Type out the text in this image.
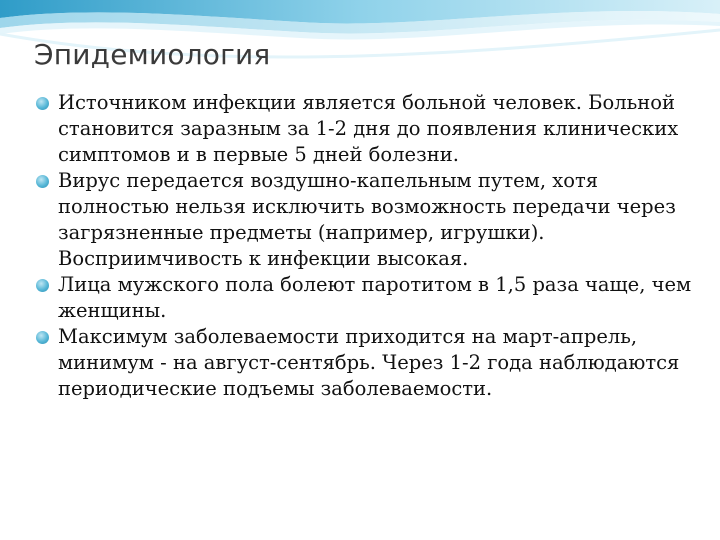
Эпидемиология
Источником инфекции является больной человек. Больной становится заразным за 1-2 дня до появления клинических симптомов и в первые 5 дней болезни.
Вирус передается воздушно-капельным путем, хотя полностью нельзя исключить возможность передачи через загрязненные предметы (например, игрушки). Восприимчивость к инфекции высокая.
Лица мужского пола болеют паротитом в 1,5 раза чаще, чем женщины.
Максимум заболеваемости приходится на март-апрель, минимум - на август-сентябрь. Через 1-2 года наблюдаются периодические подъемы заболеваемости.
